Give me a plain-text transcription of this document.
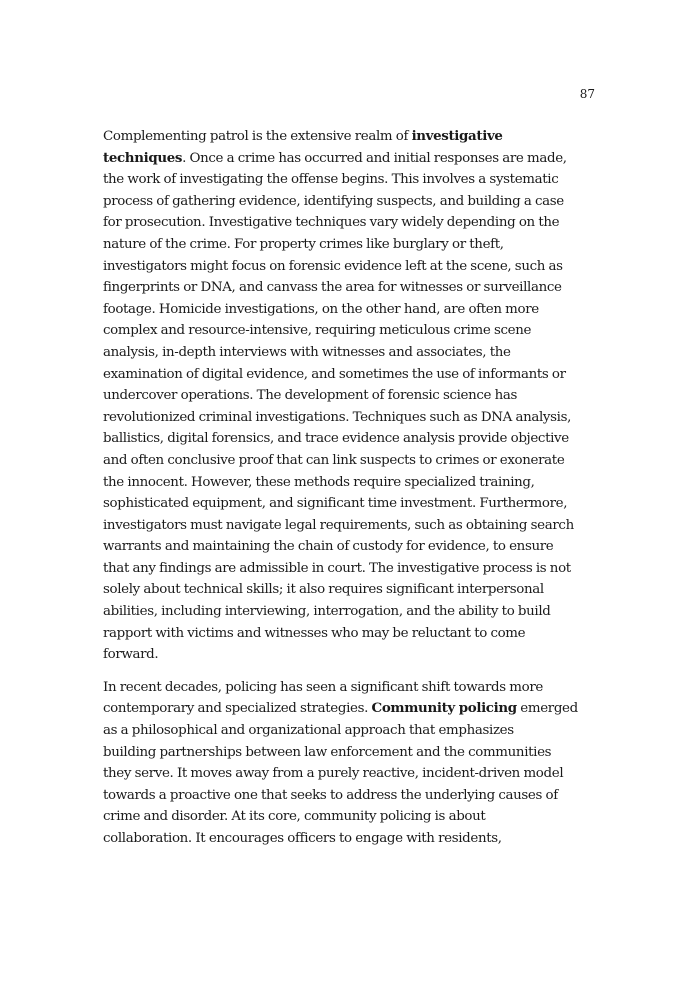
87

Complementing patrol is the extensive realm of investigative
techniques. Once a crime has occurred and initial responses are made,
the work of investigating the offense begins. This involves a systematic
process of gathering evidence, identifying suspects, and building a case
for prosecution. Investigative techniques vary widely depending on the
nature of the crime. For property crimes like burglary or theft,
investigators might focus on forensic evidence left at the scene, such as
fingerprints or DNA, and canvass the area for witnesses or surveillance
footage. Homicide investigations, on the other hand, are often more
complex and resource-intensive, requiring meticulous crime scene
analysis, in-depth interviews with witnesses and associates, the
examination of digital evidence, and sometimes the use of informants or
undercover operations. The development of forensic science has
revolutionized criminal investigations. Techniques such as DNA analysis,
ballistics, digital forensics, and trace evidence analysis provide objective
and often conclusive proof that can link suspects to crimes or exonerate
the innocent. However, these methods require specialized training,
sophisticated equipment, and significant time investment. Furthermore,
investigators must navigate legal requirements, such as obtaining search
warrants and maintaining the chain of custody for evidence, to ensure
that any findings are admissible in court. The investigative process is not
solely about technical skills; it also requires significant interpersonal
abilities, including interviewing, interrogation, and the ability to build
rapport with victims and witnesses who may be reluctant to come
forward.

In recent decades, policing has seen a significant shift towards more
contemporary and specialized strategies. Community policing emerged
as a philosophical and organizational approach that emphasizes
building partnerships between law enforcement and the communities
they serve. It moves away from a purely reactive, incident-driven model
towards a proactive one that seeks to address the underlying causes of
crime and disorder. At its core, community policing is about
collaboration. It encourages officers to engage with residents,
